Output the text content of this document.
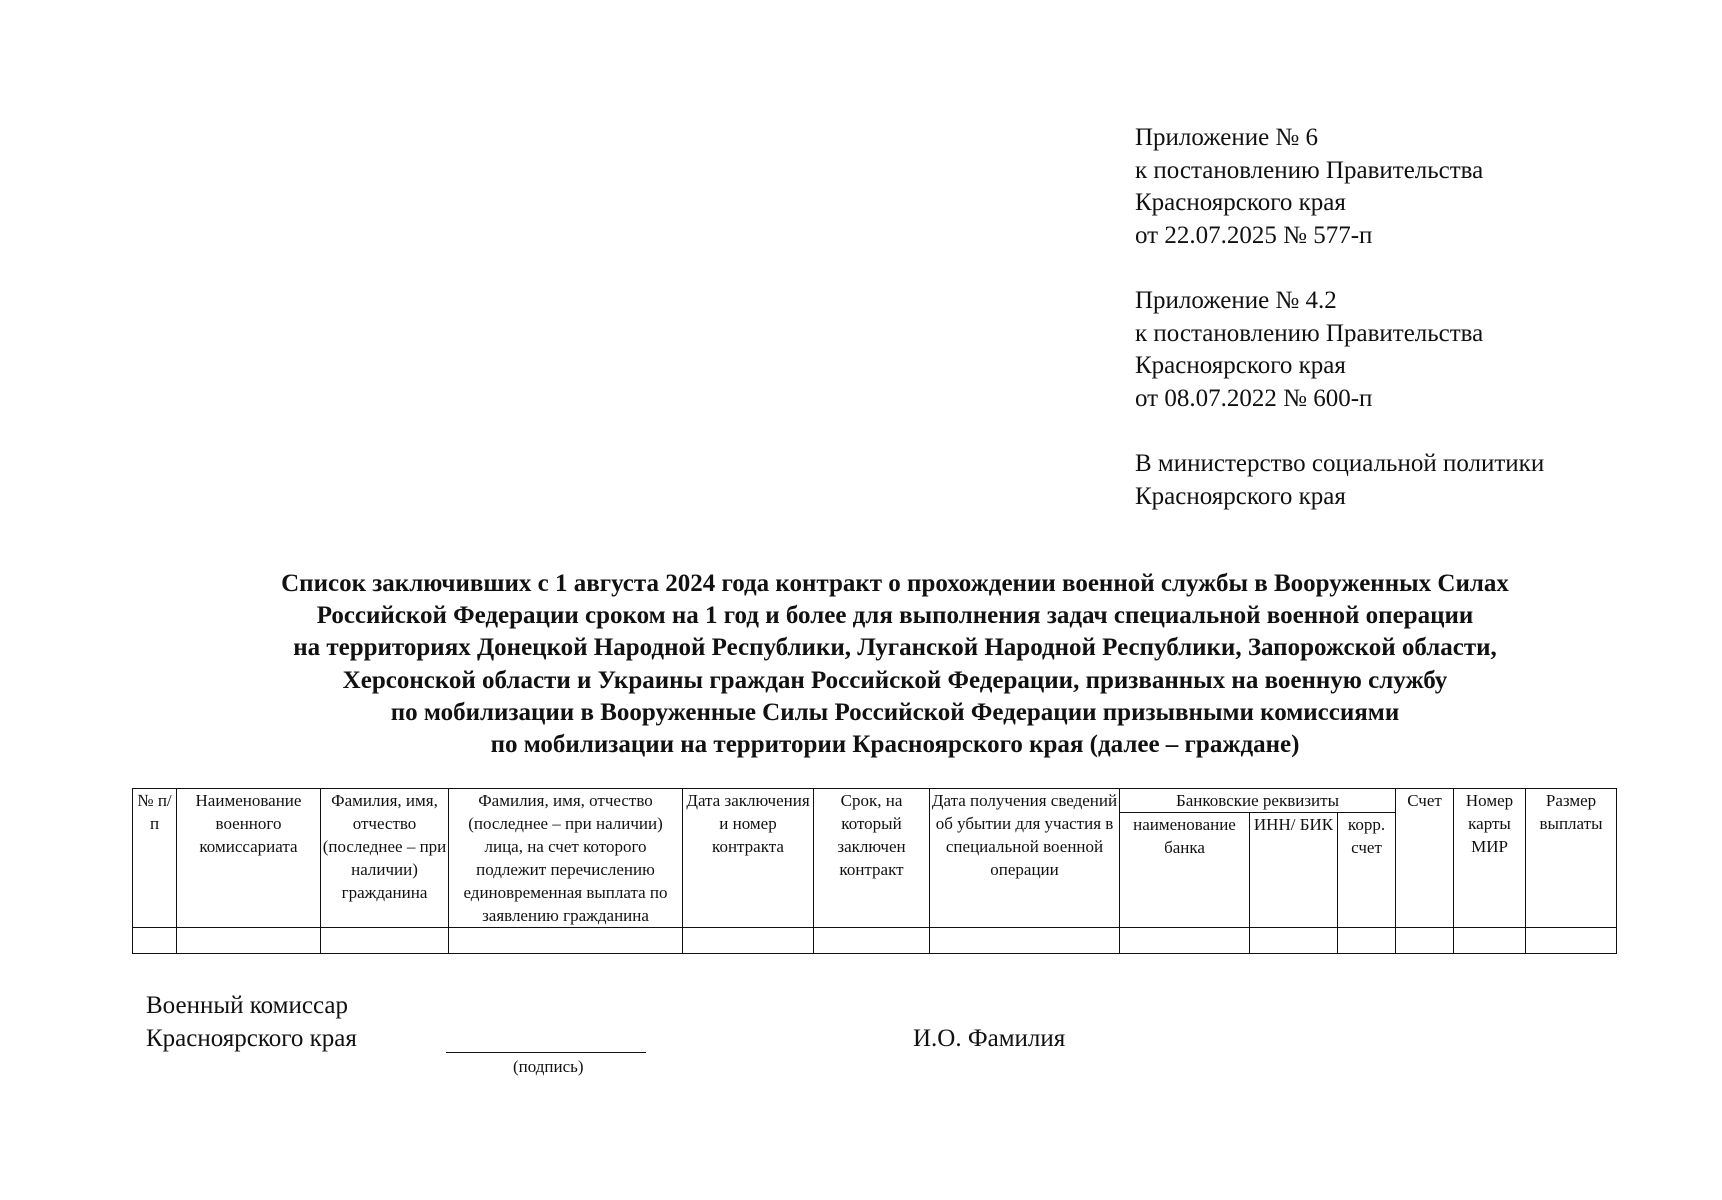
Приложение № 6
к постановлению Правительства
Красноярского края
от 22.07.2025 № 577-п
Приложение № 4.2
к постановлению Правительства
Красноярского края
от 08.07.2022 № 600-п
В министерство социальной политики
Красноярского края
Список заключивших с 1 августа 2024 года контракт о прохождении военной службы в Вооруженных Силах
Российской Федерации сроком на 1 год и более для выполнения задач специальной военной операции
на территориях Донецкой Народной Республики, Луганской Народной Республики, Запорожской области,
Херсонской области и Украины граждан Российской Федерации, призванных на военную службу
по мобилизации в Вооруженные Силы Российской Федерации призывными комиссиями
по мобилизации на территории Красноярского края (далее – граждане)
№ п/п	Наименование военного комиссариата	Фамилия, имя, отчество (последнее – при наличии) гражданина	Фамилия, имя, отчество (последнее – при наличии) лица, на счет которого подлежит перечислению единовременная выплата по заявлению гражданина	Дата заключения и номер контракта	Срок, на который заключен контракт	Дата получения сведений об убытии для участия в специальной военной операции	Банковские реквизиты			Счет	Номер карты МИР	Размер выплаты
							наименование банка	ИНН/ БИК	корр. счет			

Военный комиссар
Красноярского края
(подпись)
И.О. Фамилия
